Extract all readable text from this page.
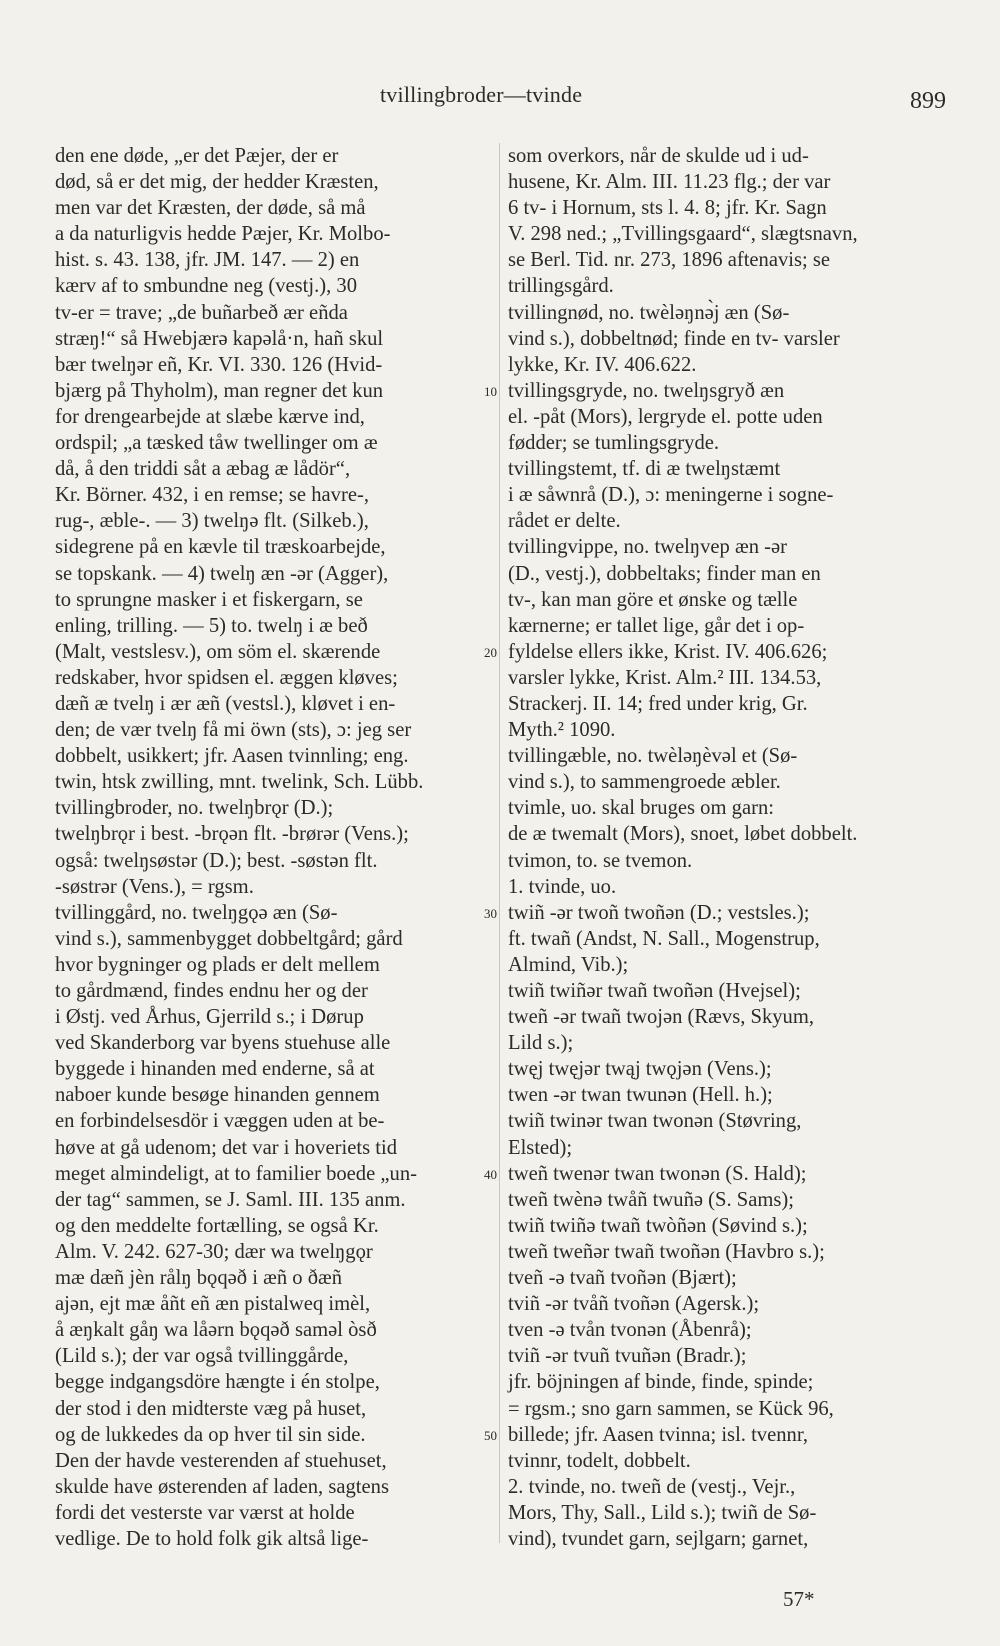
tvillingbroder—tvinde	899
den ene døde, „er det Pæjer, der er
død, så er det mig, der hedder Kræsten,
men var det Kræsten, der døde, så må
a da naturligvis hedde Pæjer, Kr. Molbo-
hist. s. 43. 138, jfr. JM. 147. — 2) en
kærv af to smbundne neg (vestj.), 30
tv-er = trave; „de buñarbeð ær eñda
stræŋ!“ så Hwebjærə kapəlå·n, hañ skul
bær twelŋər eñ, Kr. VI. 330. 126 (Hvid-
bjærg på Thyholm), man regner det kun
for drengearbejde at slæbe kærve ind,
ordspil; „a tæsked tåw twellinger om æ
då, å den triddi såt a æbag æ lådör“,
Kr. Börner. 432, i en remse; se havre-,
rug-, æble-. — 3) twelŋə flt. (Silkeb.),
sidegrene på en kævle til træskoarbejde,
se topskank. — 4) twelŋ æn -ər (Agger),
to sprungne masker i et fiskergarn, se
enling, trilling. — 5) to. twelŋ i æ beð
(Malt, vestslesv.), om söm el. skærende
redskaber, hvor spidsen el. æggen kløves;
dæñ æ tvelŋ i ær æñ (vestsl.), kløvet i en-
den; de vær tvelŋ få mi öwn (sts), ɔ: jeg ser
dobbelt, usikkert; jfr. Aasen tvinnling; eng.
twin, htsk zwilling, mnt. twelink, Sch. Lübb.
tvillingbroder, no. twelŋbrǫr (D.);
twelŋbrǫr i best. -brǫən flt. -brørər (Vens.);
også: twelŋsøstər (D.); best. -søstən flt.
-søstrər (Vens.), = rgsm.
tvillinggård, no. twelŋgǫə æn (Sø-
vind s.), sammenbygget dobbeltgård; gård
hvor bygninger og plads er delt mellem
to gårdmænd, findes endnu her og der
i Østj. ved Århus, Gjerrild s.; i Dørup
ved Skanderborg var byens stuehuse alle
byggede i hinanden med enderne, så at
naboer kunde besøge hinanden gennem
en forbindelsesdör i væggen uden at be-
høve at gå udenom; det var i hoveriets tid
meget almindeligt, at to familier boede „un-
der tag“ sammen, se J. Saml. III. 135 anm.
og den meddelte fortælling, se også Kr.
Alm. V. 242. 627-30; dær wa twelŋgǫr
mæ dæñ jèn rålŋ bǫqəð i æñ o ðæñ
ajən, ejt mæ åñt eñ æn pistalweq imèl,
å æŋkalt gåŋ wa låərn bǫqəð saməl òsð
(Lild s.); der var også tvillinggårde,
begge indgangsdöre hængte i én stolpe,
der stod i den midterste væg på huset,
og de lukkedes da op hver til sin side.
Den der havde vesterenden af stuehuset,
skulde have østerenden af laden, sagtens
fordi det vesterste var værst at holde
vedlige. De to hold folk gik altså lige-
som overkors, når de skulde ud i ud-
husene, Kr. Alm. III. 11.23 flg.; der var
6 tv- i Hornum, sts l. 4. 8; jfr. Kr. Sagn
V. 298 ned.; „Tvillingsgaard“, slægtsnavn,
se Berl. Tid. nr. 273, 1896 aftenavis; se
trillingsgård.
tvillingnød, no. twèləŋnǝ̀j æn (Sø-
vind s.), dobbeltnød; finde en tv- varsler
lykke, Kr. IV. 406.622.
tvillingsgryde, no. twelŋsgryð æn
el. -påt (Mors), lergryde el. potte uden
fødder; se tumlingsgryde.
tvillingstemt, tf. di æ twelŋstæmt
i æ såwnrå (D.), ɔ: meningerne i sogne-
rådet er delte.
tvillingvippe, no. twelŋvep æn -ər
(D., vestj.), dobbeltaks; finder man en
tv-, kan man göre et ønske og tælle
kærnerne; er tallet lige, går det i op-
fyldelse ellers ikke, Krist. IV. 406.626;
varsler lykke, Krist. Alm.² III. 134.53,
Strackerj. II. 14; fred under krig, Gr.
Myth.² 1090.
tvillingæble, no. twèləŋèvəl et (Sø-
vind s.), to sammengroede æbler.
tvimle, uo. skal bruges om garn:
de æ twemalt (Mors), snoet, løbet dobbelt.
tvimon, to. se tvemon.
1. tvinde, uo.
twiñ -ər twoñ twoñən (D.; vestsles.);
ft. twañ (Andst, N. Sall., Mogenstrup,
Almind, Vib.);
twiñ twiñər twañ twoñən (Hvejsel);
tweñ -ər twañ twojən (Rævs, Skyum,
Lild s.);
twęj twęjər twąj twǫjən (Vens.);
twen -ər twan twunən (Hell. h.);
twiñ twinər twan twonən (Støvring,
Elsted);
tweñ twenər twan twonən (S. Hald);
tweñ twènə twåñ twuñə (S. Sams);
twiñ twiñə twañ twòñən (Søvind s.);
tweñ tweñər twañ twoñən (Havbro s.);
tveñ -ə tvañ tvoñən (Bjært);
tviñ -ər tvåñ tvoñən (Agersk.);
tven -ə tvån tvonən (Åbenrå);
tviñ -ər tvuñ tvuñən (Bradr.);
jfr. böjningen af binde, finde, spinde;
= rgsm.; sno garn sammen, se Kück 96,
billede; jfr. Aasen tvinna; isl. tvennr,
tvinnr, todelt, dobbelt.
2. tvinde, no. tweñ de (vestj., Vejr.,
Mors, Thy, Sall., Lild s.); twiñ de Sø-
vind), tvundet garn, sejlgarn; garnet,
10
20
30
40
50
57*
